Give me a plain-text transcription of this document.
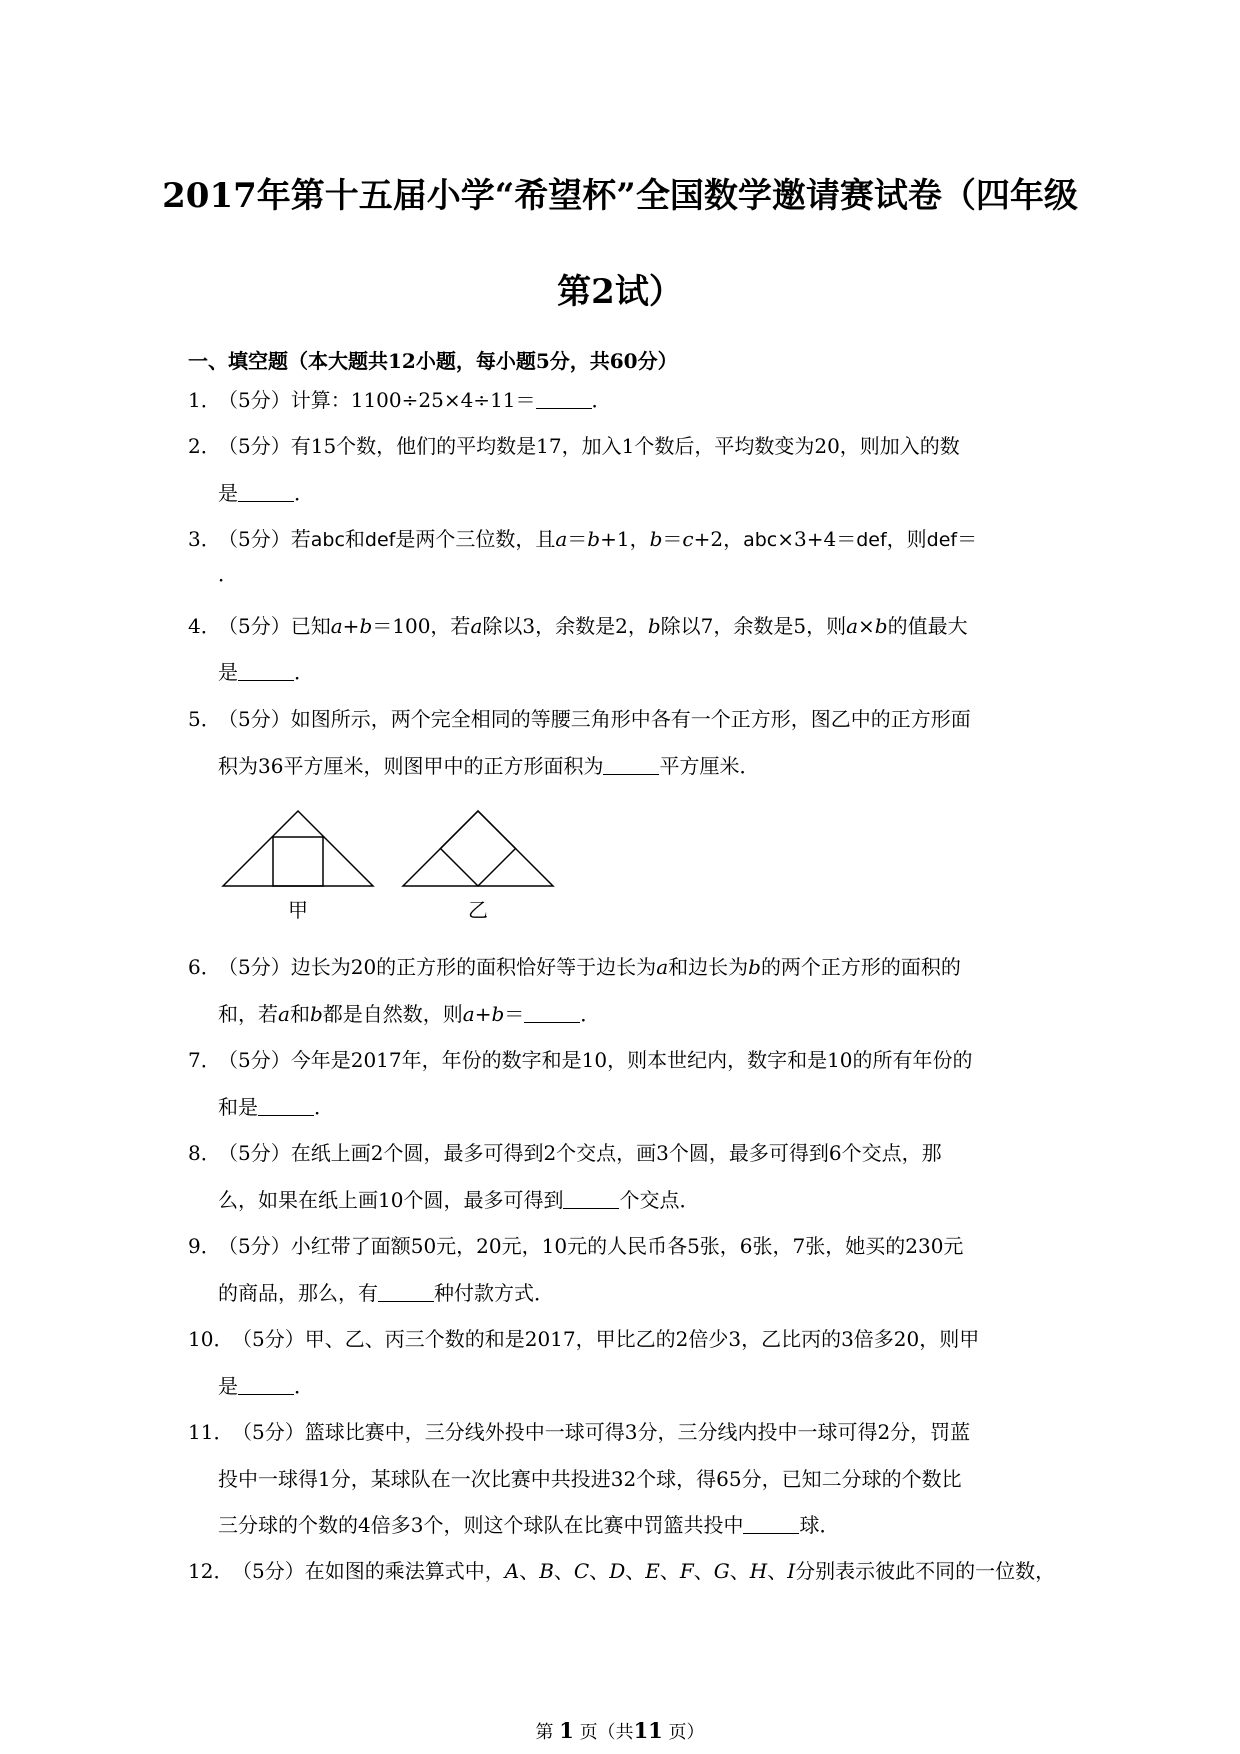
2017年第十五届小学“希望杯”全国数学邀请赛试卷（四年级
第2试）
一、填空题（本大题共12小题，每小题5分，共60分）
1．
（5分）计算：1100÷25×4÷11＝	．
2．
（5分）有15个数，他们的平均数是17，加入1个数后，平均数变为20，则加入的数
是	．
3．
（5分）若abc和def是两个三位数，且a＝b+1，b＝c+2，abc×3+4＝def，则def＝
．
4．
（5分）已知a+b＝100，若a除以3，余数是2，b除以7，余数是5，则a×b的值最大
是	．
5．
（5分）如图所示，两个完全相同的等腰三角形中各有一个正方形，图乙中的正方形面
积为36平方厘米，则图甲中的正方形面积为	平方厘米．
甲	乙
6．
（5分）边长为20的正方形的面积恰好等于边长为a和边长为b的两个正方形的面积的
和，若a和b都是自然数，则a+b＝	．
7．
（5分）今年是2017年，年份的数字和是10，则本世纪内，数字和是10的所有年份的
和是	．
8．
（5分）在纸上画2个圆，最多可得到2个交点，画3个圆，最多可得到6个交点，那
么，如果在纸上画10个圆，最多可得到	个交点．
9．
（5分）小红带了面额50元，20元，10元的人民币各5张，6张，7张，她买的230元
的商品，那么，有	种付款方式．
10．
（5分）甲、乙、丙三个数的和是2017，甲比乙的2倍少3，乙比丙的3倍多20，则甲
是	．
11．
（5分）篮球比赛中，三分线外投中一球可得3分，三分线内投中一球可得2分，罚蓝
投中一球得1分，某球队在一次比赛中共投进32个球，得65分，已知二分球的个数比
三分球的个数的4倍多3个，则这个球队在比赛中罚篮共投中	球．
12．
（5分）在如图的乘法算式中，A、B、C、D、E、F、G、H、I分别表示彼此不同的一位数，
第 1 页（共11 页）
